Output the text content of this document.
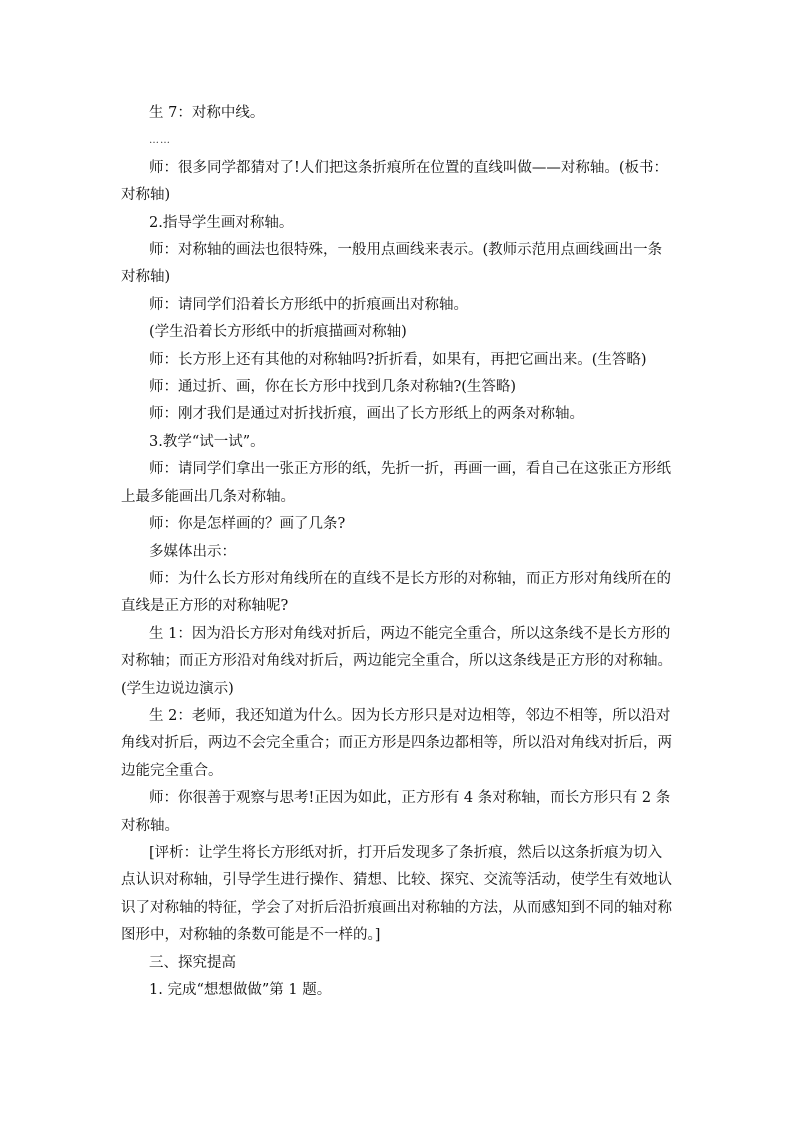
生 7：对称中线。

……

师：很多同学都猜对了!人们把这条折痕所在位置的直线叫做——对称轴。(板书：对称轴)

2.指导学生画对称轴。

师：对称轴的画法也很特殊，一般用点画线来表示。(教师示范用点画线画出一条对称轴)

师：请同学们沿着长方形纸中的折痕画出对称轴。

(学生沿着长方形纸中的折痕描画对称轴)

师：长方形上还有其他的对称轴吗?折折看，如果有，再把它画出来。(生答略)

师：通过折、画，你在长方形中找到几条对称轴?(生答略)

师：刚才我们是通过对折找折痕，画出了长方形纸上的两条对称轴。

3.教学“试一试”。

师：请同学们拿出一张正方形的纸，先折一折，再画一画，看自己在这张正方形纸上最多能画出几条对称轴。

师：你是怎样画的？画了几条?

多媒体出示：

师：为什么长方形对角线所在的直线不是长方形的对称轴，而正方形对角线所在的直线是正方形的对称轴呢?

生 1：因为沿长方形对角线对折后，两边不能完全重合，所以这条线不是长方形的对称轴；而正方形沿对角线对折后，两边能完全重合，所以这条线是正方形的对称轴。(学生边说边演示)

生 2：老师，我还知道为什么。因为长方形只是对边相等，邻边不相等，所以沿对角线对折后，两边不会完全重合；而正方形是四条边都相等，所以沿对角线对折后，两边能完全重合。

师：你很善于观察与思考!正因为如此，正方形有 4 条对称轴，而长方形只有 2 条对称轴。

[评析：让学生将长方形纸对折，打开后发现多了条折痕，然后以这条折痕为切入点认识对称轴，引导学生进行操作、猜想、比较、探究、交流等活动，使学生有效地认识了对称轴的特征，学会了对折后沿折痕画出对称轴的方法，从而感知到不同的轴对称图形中，对称轴的条数可能是不一样的。]

三、探究提高

1. 完成“想想做做”第 1 题。
